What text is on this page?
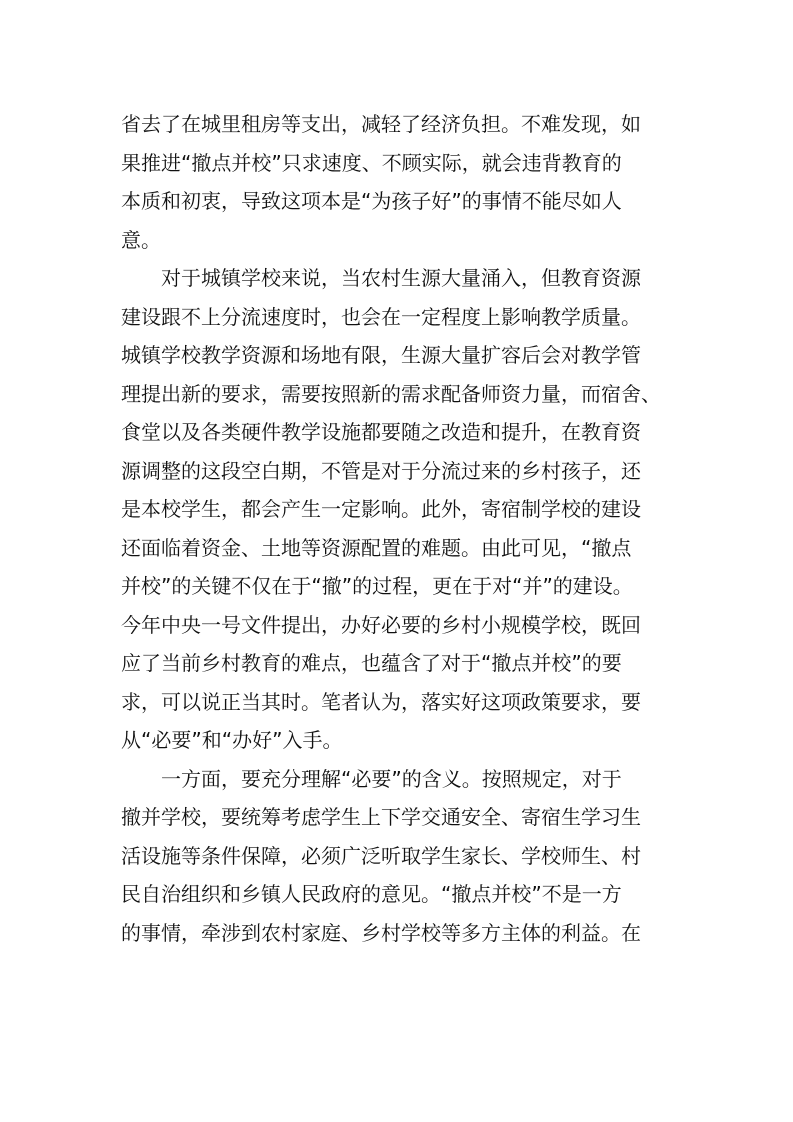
省去了在城里租房等支出，减轻了经济负担。不难发现，如
果推进“撤点并校”只求速度、不顾实际，就会违背教育的
本质和初衷，导致这项本是“为孩子好”的事情不能尽如人
意。
　　对于城镇学校来说，当农村生源大量涌入，但教育资源
建设跟不上分流速度时，也会在一定程度上影响教学质量。
城镇学校教学资源和场地有限，生源大量扩容后会对教学管
理提出新的要求，需要按照新的需求配备师资力量，而宿舍、
食堂以及各类硬件教学设施都要随之改造和提升，在教育资
源调整的这段空白期，不管是对于分流过来的乡村孩子，还
是本校学生，都会产生一定影响。此外，寄宿制学校的建设
还面临着资金、土地等资源配置的难题。由此可见，“撤点
并校”的关键不仅在于“撤”的过程，更在于对“并”的建设。
今年中央一号文件提出，办好必要的乡村小规模学校，既回
应了当前乡村教育的难点，也蕴含了对于“撤点并校”的要
求，可以说正当其时。笔者认为，落实好这项政策要求，要
从“必要”和“办好”入手。
　　一方面，要充分理解“必要”的含义。按照规定，对于
撤并学校，要统筹考虑学生上下学交通安全、寄宿生学习生
活设施等条件保障，必须广泛听取学生家长、学校师生、村
民自治组织和乡镇人民政府的意见。“撤点并校”不是一方
的事情，牵涉到农村家庭、乡村学校等多方主体的利益。在
